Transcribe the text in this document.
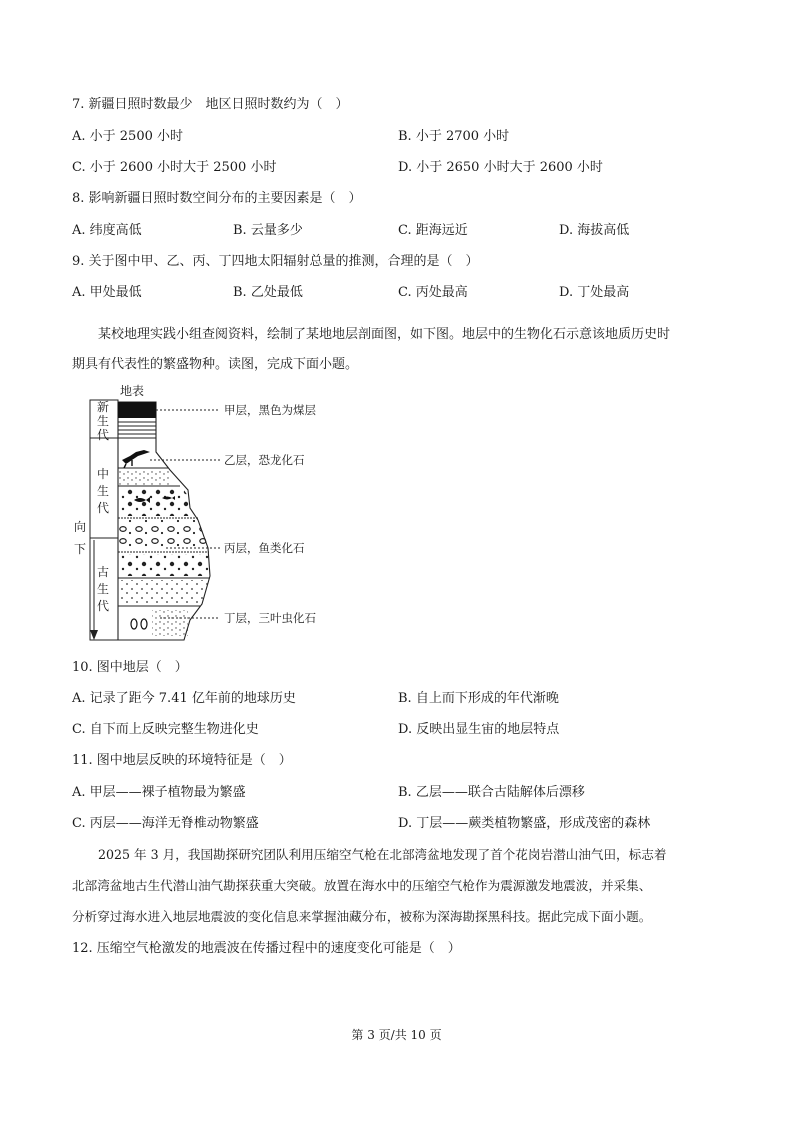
7. 新疆日照时数最少　地区日照时数约为（　）
A. 小于 2500 小时	B. 小于 2700 小时
C. 小于 2600 小时大于 2500 小时	D. 小于 2650 小时大于 2600 小时
8. 影响新疆日照时数空间分布的主要因素是（　）
A. 纬度高低	B. 云量多少	C. 距海远近	D. 海拔高低
9. 关于图中甲、乙、丙、丁四地太阳辐射总量的推测，合理的是（　）
A. 甲处最低	B. 乙处最低	C. 丙处最高	D. 丁处最高
某校地理实践小组查阅资料，绘制了某地地层剖面图，如下图。地层中的生物化石示意该地质历史时
期具有代表性的繁盛物种。读图，完成下面小题。
地表
新生代
中生代
古生代
向下
甲层，黑色为煤层
乙层，恐龙化石
丙层，鱼类化石
丁层，三叶虫化石
10. 图中地层（　）
A. 记录了距今 7.41 亿年前的地球历史	B. 自上而下形成的年代渐晚
C. 自下而上反映完整生物进化史	D. 反映出显生宙的地层特点
11. 图中地层反映的环境特征是（　）
A. 甲层——裸子植物最为繁盛	B. 乙层——联合古陆解体后漂移
C. 丙层——海洋无脊椎动物繁盛	D. 丁层——蕨类植物繁盛，形成茂密的森林
2025 年 3 月，我国勘探研究团队利用压缩空气枪在北部湾盆地发现了首个花岗岩潜山油气田，标志着
北部湾盆地古生代潜山油气勘探获重大突破。放置在海水中的压缩空气枪作为震源激发地震波，并采集、
分析穿过海水进入地层地震波的变化信息来掌握油藏分布，被称为深海勘探黑科技。据此完成下面小题。
12. 压缩空气枪激发的地震波在传播过程中的速度变化可能是（　）
第 3 页/共 10 页
